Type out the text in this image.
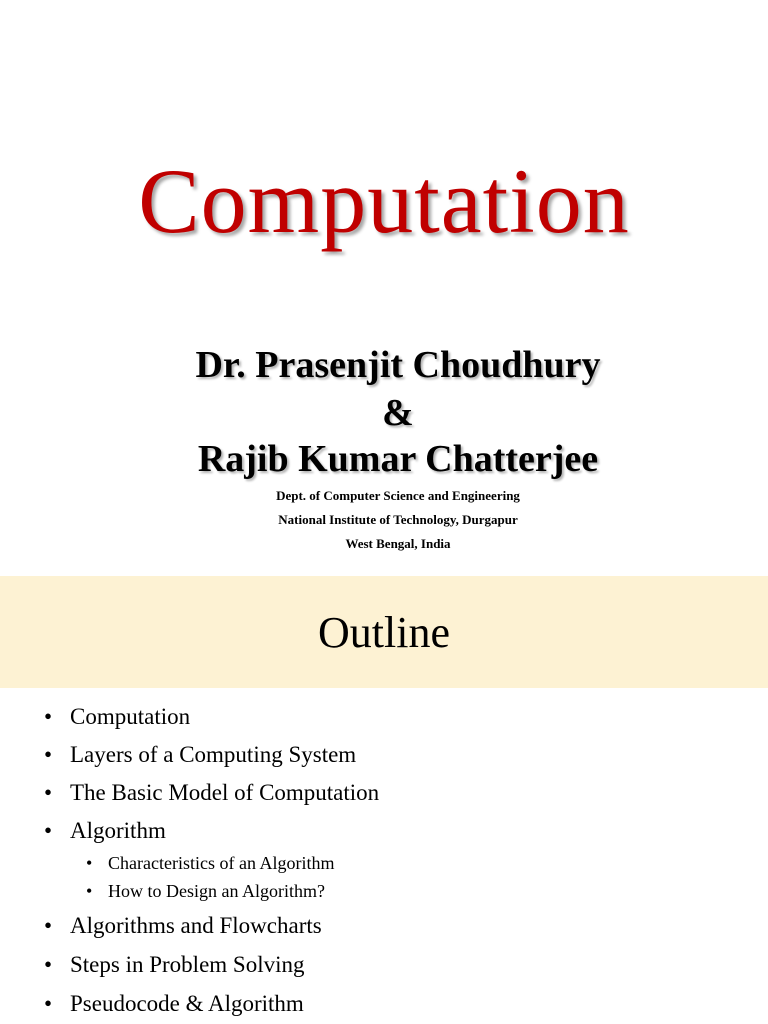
Computation
Dr. Prasenjit Choudhury
&
Rajib Kumar Chatterjee
Dept. of Computer Science and Engineering
National Institute of Technology, Durgapur
West Bengal, India
Outline
• Computation
• Layers of a Computing System
• The Basic Model of Computation
• Algorithm
• Characteristics of an Algorithm
• How to Design an Algorithm?
• Algorithms and Flowcharts
• Steps in Problem Solving
• Pseudocode & Algorithm
